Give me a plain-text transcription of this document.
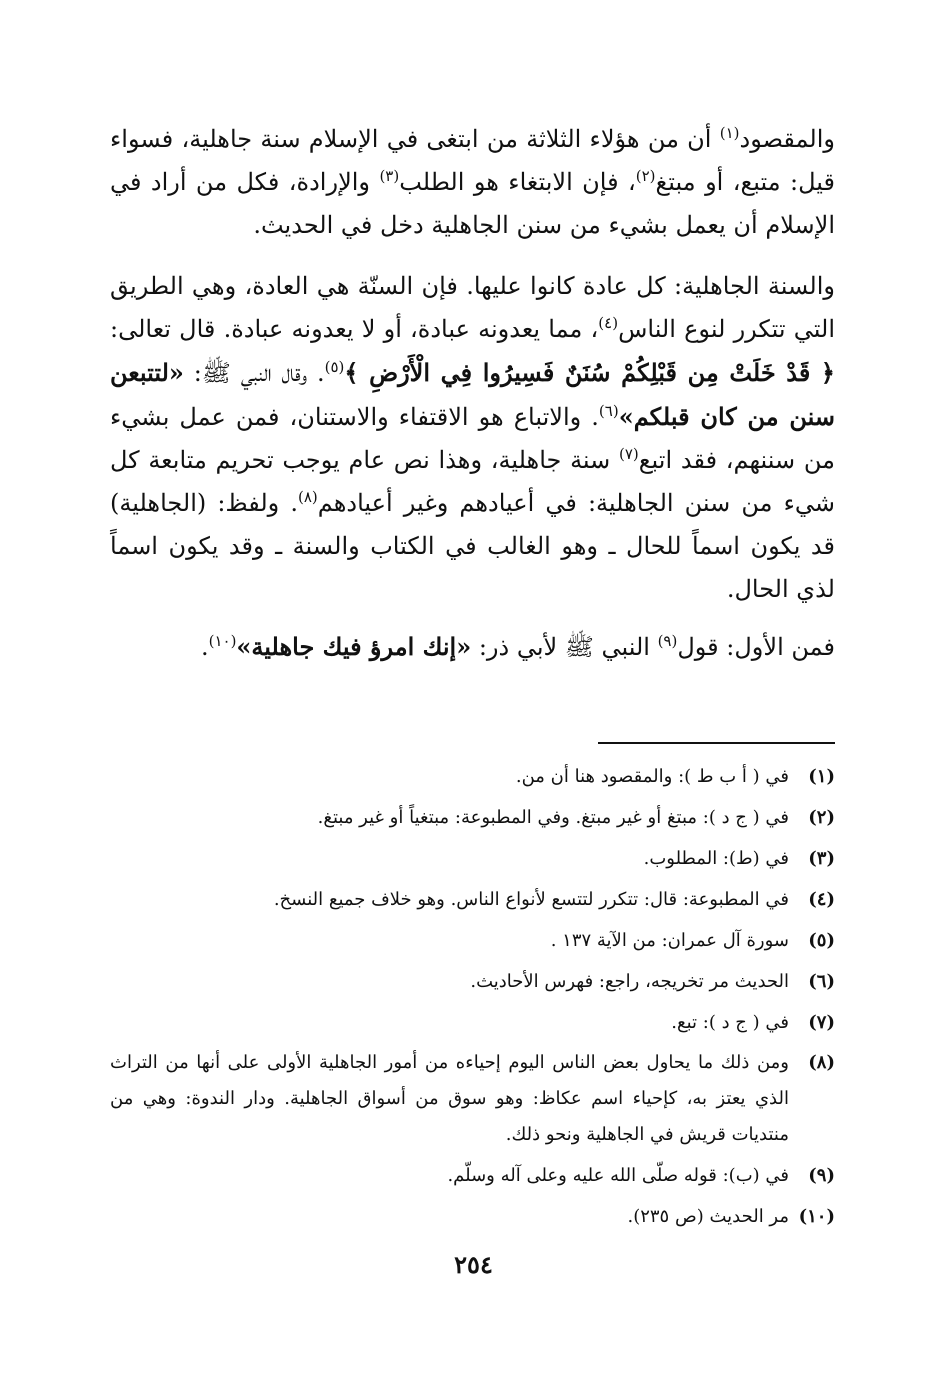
والمقصود$^{(١)}$ أن من هؤلاء الثلاثة من ابتغى في الإسلام سنة جاهلية، فسواء قيل: متبع، أو مبتغ$^{(٢)}$، فإن الابتغاء هو الطلب$^{(٣)}$ والإرادة، فكل من أراد في الإسلام أن يعمل بشيء من سنن الجاهلية دخل في الحديث.

والسنة الجاهلية: كل عادة كانوا عليها. فإن السنّة هي العادة، وهي الطريق التي تتكرر لنوع الناس$^{(٤)}$، مما يعدونه عبادة، أو لا يعدونه عبادة. قال تعالى: ﴿ قَدْ خَلَتْ مِن قَبْلِكُمْ سُنَنٌ فَسِيرُوا فِي الْأَرْضِ ﴾$^{(٥)}$. وقال النبي ﷺ: «لتتبعن سنن من كان قبلكم»$^{(٦)}$. والاتباع هو الاقتفاء والاستنان، فمن عمل بشيء من سننهم، فقد اتبع$^{(٧)}$ سنة جاهلية، وهذا نص عام يوجب تحريم متابعة كل شيء من سنن الجاهلية: في أعيادهم وغير أعيادهم$^{(٨)}$. ولفظ: (الجاهلية) قد يكون اسماً للحال ـ وهو الغالب في الكتاب والسنة ـ وقد يكون اسماً لذي الحال.

فمن الأول: قول$^{(٩)}$ النبي ﷺ لأبي ذر: «إنك امرؤ فيك جاهلية»$^{(١٠)}$.

(١)
في ( أ ب ط ): والمقصود هنا أن من.
(٢)
في ( ج د ): مبتغ أو غير مبتغ. وفي المطبوعة: مبتغياً أو غير مبتغ.
(٣)
في (ط): المطلوب.
(٤)
في المطبوعة: قال: تتكرر لتتسع لأنواع الناس. وهو خلاف جميع النسخ.
(٥)
سورة آل عمران: من الآية ١٣٧ .
(٦)
الحديث مر تخريجه، راجع: فهرس الأحاديث.
(٧)
في ( ج د ): تبع.
(٨)
ومن ذلك ما يحاول بعض الناس اليوم إحياءه من أمور الجاهلية الأولى على أنها من التراث الذي يعتز به، كإحياء اسم عكاظ: وهو سوق من أسواق الجاهلية. ودار الندوة: وهي من منتديات قريش في الجاهلية ونحو ذلك.
(٩)
في (ب): قوله صلّى الله عليه وعلى آله وسلّم.
(١٠)
مر الحديث (ص ٢٣٥).
٢٥٤
